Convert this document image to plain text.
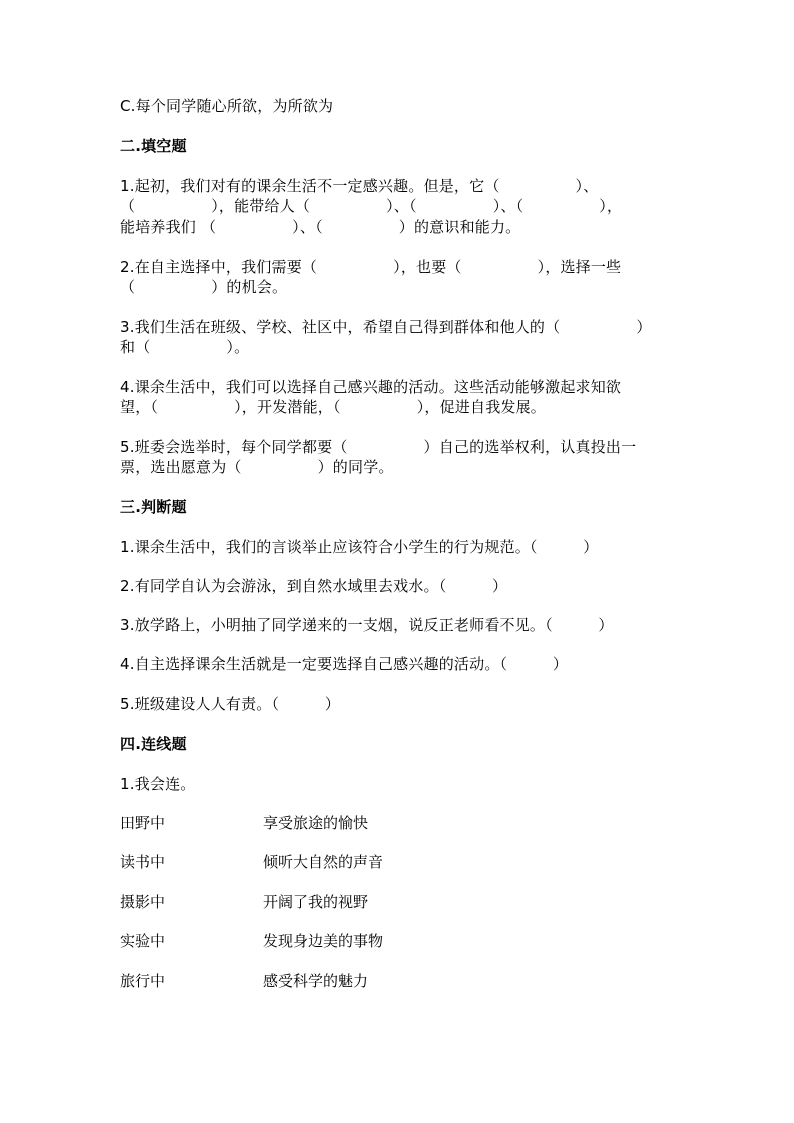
C.每个同学随心所欲，为所欲为
二.填空题
1.起初，我们对有的课余生活不一定感兴趣。但是，它（　　　　　）、
（　　　　　），能带给人（　　　　　）、（　　　　　）、（　　　　　），
能培养我们 （　　　　　）、（　　　　　）的意识和能力。
2.在自主选择中，我们需要（　　　　　），也要（　　　　　），选择一些
（　　　　　）的机会。
3.我们生活在班级、学校、社区中，希望自己得到群体和他人的（　　　　　）
和（　　　　　）。
4.课余生活中，我们可以选择自己感兴趣的活动。这些活动能够激起求知欲
望，（　　　　　），开发潜能，（　　　　　），促进自我发展。
5.班委会选举时，每个同学都要（　　　　　）自己的选举权利，认真投出一
票，选出愿意为（　　　　　）的同学。
三.判断题
1.课余生活中，我们的言谈举止应该符合小学生的行为规范。（　　　）
2.有同学自认为会游泳，到自然水域里去戏水。（　　　）
3.放学路上，小明抽了同学递来的一支烟，说反正老师看不见。（　　　）
4.自主选择课余生活就是一定要选择自己感兴趣的活动。（　　　）
5.班级建设人人有责。（　　　）
四.连线题
1.我会连。
田野中	享受旅途的愉快
读书中	倾听大自然的声音
摄影中	开阔了我的视野
实验中	发现身边美的事物
旅行中	感受科学的魅力
